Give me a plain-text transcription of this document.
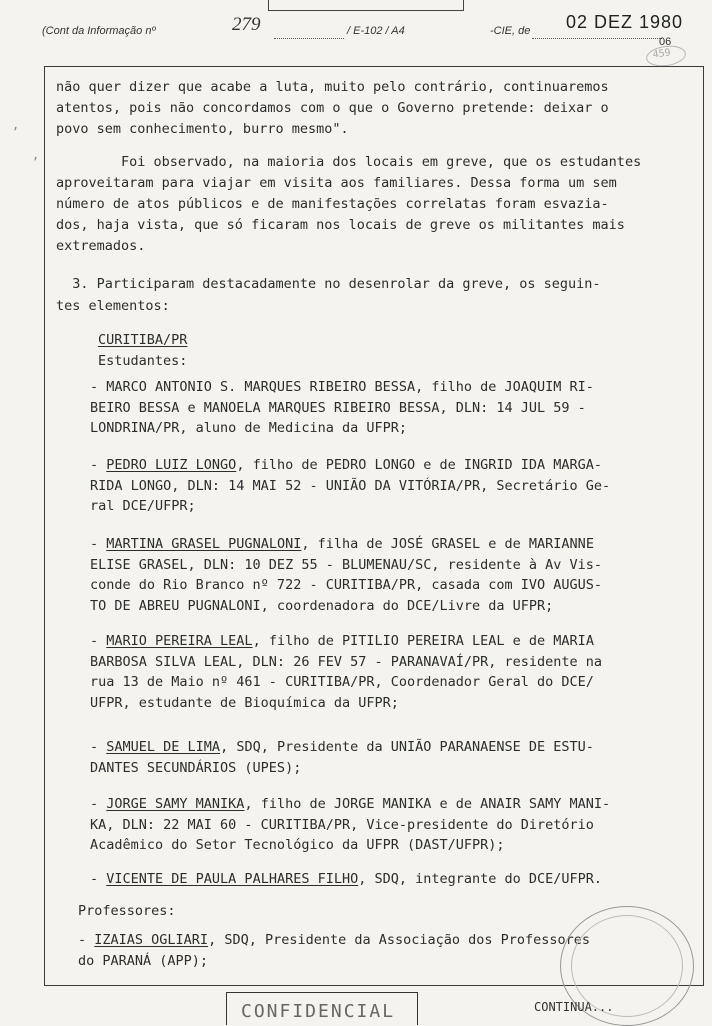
(Cont da Informação nº	279	/ E-102 / A4	-CIE, de 02 DEZ 1980
06
459
não quer dizer que acabe a luta, muito pelo contrário, continuaremos
atentos, pois não concordamos com o que o Governo pretende: deixar o
povo sem conhecimento, burro mesmo".
Foi observado, na maioria dos locais em greve, que os estudantes
aproveitaram para viajar em visita aos familiares. Dessa forma um sem
número de atos públicos e de manifestações correlatas foram esvazia-
dos, haja vista, que só ficaram nos locais de greve os militantes mais
extremados.
3. Participaram destacadamente no desenrolar da greve, os seguin-
tes elementos:
CURITIBA/PR
Estudantes:
- MARCO ANTONIO S. MARQUES RIBEIRO BESSA, filho de JOAQUIM RI-
BEIRO BESSA e MANOELA MARQUES RIBEIRO BESSA, DLN: 14 JUL 59 -
LONDRINA/PR, aluno de Medicina da UFPR;
- PEDRO LUIZ LONGO, filho de PEDRO LONGO e de INGRID IDA MARGA-
RIDA LONGO, DLN: 14 MAI 52 - UNIÃO DA VITÓRIA/PR, Secretário Ge-
ral DCE/UFPR;
- MARTINA GRASEL PUGNALONI, filha de JOSÉ GRASEL e de MARIANNE
ELISE GRASEL, DLN: 10 DEZ 55 - BLUMENAU/SC, residente à Av Vis-
conde do Rio Branco nº 722 - CURITIBA/PR, casada com IVO AUGUS-
TO DE ABREU PUGNALONI, coordenadora do DCE/Livre da UFPR;
- MARIO PEREIRA LEAL, filho de PITILIO PEREIRA LEAL e de MARIA
BARBOSA SILVA LEAL, DLN: 26 FEV 57 - PARANAVAÍ/PR, residente na
rua 13 de Maio nº 461 - CURITIBA/PR, Coordenador Geral do DCE/
UFPR, estudante de Bioquímica da UFPR;
- SAMUEL DE LIMA, SDQ, Presidente da UNIÃO PARANAENSE DE ESTU-
DANTES SECUNDÁRIOS (UPES);
- JORGE SAMY MANIKA, filho de JORGE MANIKA e de ANAIR SAMY MANI-
KA, DLN: 22 MAI 60 - CURITIBA/PR, Vice-presidente do Diretório
Acadêmico do Setor Tecnológico da UFPR (DAST/UFPR);
- VICENTE DE PAULA PALHARES FILHO, SDQ, integrante do DCE/UFPR.
Professores:
- IZAIAS OGLIARI, SDQ, Presidente da Associação dos Professores
do PARANÁ (APP);
,
,
CONFIDENCIAL	CONTINUA...
